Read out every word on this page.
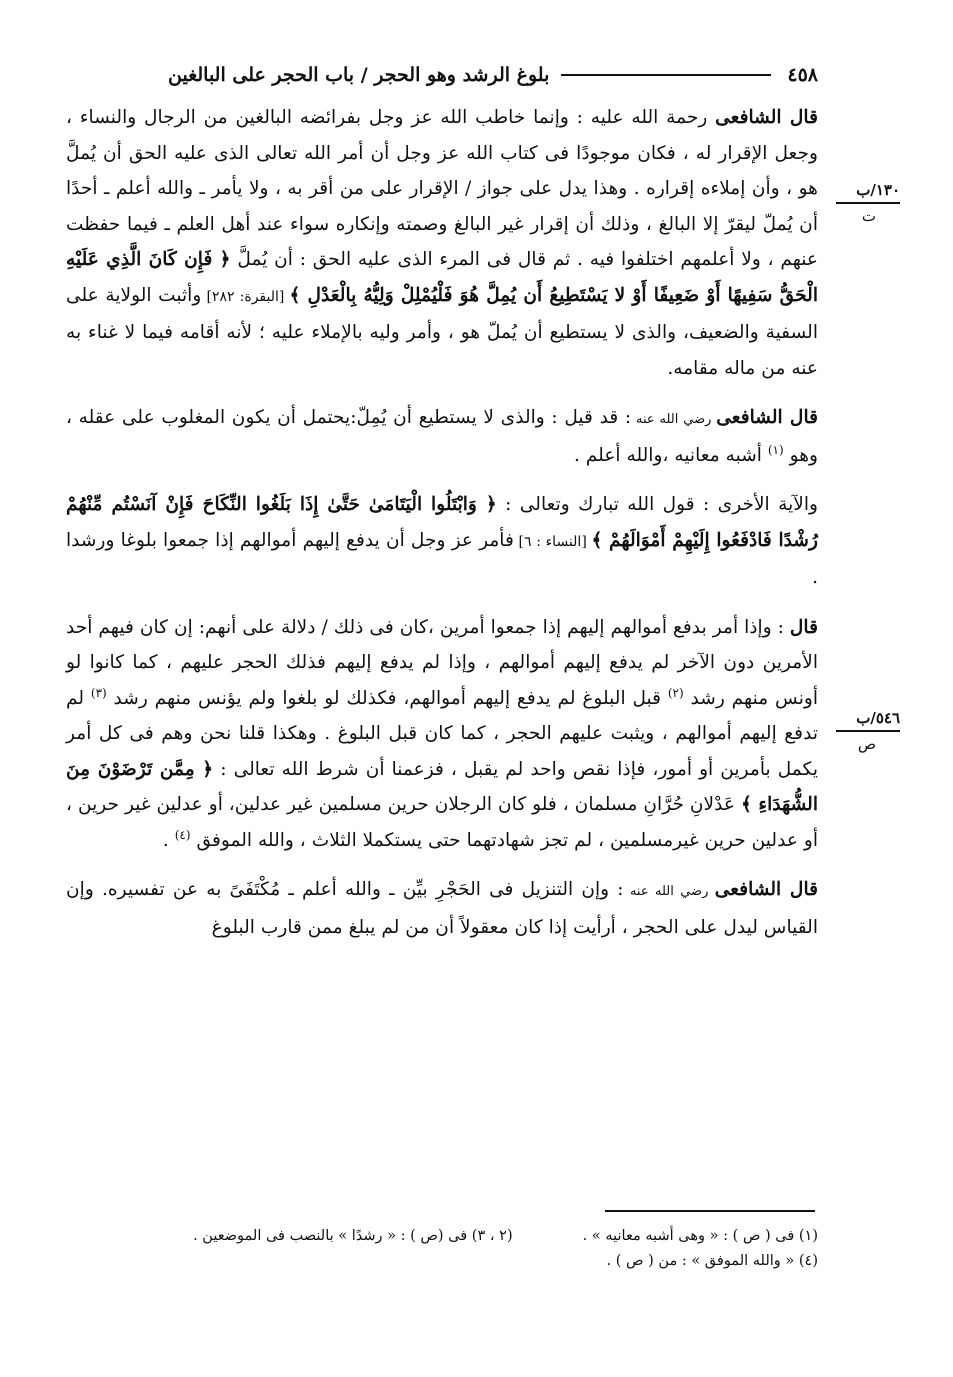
٤٥٨
بلوغ الرشد وهو الحجر / باب الحجر على البالغين
١٣٠/ب
ت
٥٤٦/ب
ص

قال الشافعى رحمة الله عليه : وإنما خاطب الله عز وجل بفرائضه البالغين من الرجال والنساء ، وجعل الإقرار له ، فكان موجودًا فى كتاب الله عز وجل أن أمر الله تعالى الذى عليه الحق أن يُملَّ هو ، وأن إملاءه إقراره . وهذا يدل على جواز / الإقرار على من أقر به ، ولا يأمر ـ والله أعلم ـ أحدًا أن يُملّ ليقرّ إلا البالغ ، وذلك أن إقرار غير البالغ وصمته وإنكاره سواء عند أهل العلم ـ فيما حفظت عنهم ، ولا أعلمهم اختلفوا فيه . ثم قال فى المرء الذى عليه الحق : أن يُملَّ ﴿ فَإِن كَانَ الَّذِي عَلَيْهِ الْحَقُّ سَفِيهًا أَوْ ضَعِيفًا أَوْ لا يَسْتَطِيعُ أَن يُمِلَّ هُوَ فَلْيُمْلِلْ وَلِيُّهُ بِالْعَدْلِ ﴾ [البقرة: ٢٨٢] وأثبت الولاية على السفية والضعيف، والذى لا يستطيع أن يُملّ هو ، وأمر وليه بالإملاء عليه ؛ لأنه أقامه فيما لا غناء به عنه من ماله مقامه.

قال الشافعى رضي الله عنه : قد قيل : والذى لا يستطيع أن يُمِلّ:يحتمل أن يكون المغلوب على عقله ، وهو $^{(١)}$ أشبه معانيه ،والله أعلم .

والآية الأخرى : قول الله تبارك وتعالى : ﴿ وَابْتَلُوا الْيَتَامَىٰ حَتَّىٰ إِذَا بَلَغُوا النِّكَاحَ فَإِنْ آنَسْتُم مِّنْهُمْ رُشْدًا فَادْفَعُوا إِلَيْهِمْ أَمْوَالَهُمْ ﴾ [النساء : ٦] فأمر عز وجل أن يدفع إليهم أموالهم إذا جمعوا بلوغا ورشدا .

قال : وإذا أمر بدفع أموالهم إليهم إذا جمعوا أمرين ،كان فى ذلك / دلالة على أنهم: إن كان فيهم أحد الأمرين دون الآخر لم يدفع إليهم أموالهم ، وإذا لم يدفع إليهم فذلك الحجر عليهم ، كما كانوا لو أونس منهم رشد $^{(٢)}$ قبل البلوغ لم يدفع إليهم أموالهم، فكذلك لو بلغوا ولم يؤنس منهم رشد $^{(٣)}$ لم تدفع إليهم أموالهم ، ويثبت عليهم الحجر ، كما كان قبل البلوغ . وهكذا قلنا نحن وهم فى كل أمر يكمل بأمرين أو أمور، فإذا نقص واحد لم يقبل ، فزعمنا أن شرط الله تعالى : ﴿ مِمَّن تَرْضَوْنَ مِنَ الشُّهَدَاءِ ﴾ عَدْلانِ حُرَّانِ مسلمان ، فلو كان الرجلان حرين مسلمين غير عدلين، أو عدلين غير حرين ، أو عدلين حرين غيرمسلمين ، لم تجز شهادتهما حتى يستكملا الثلاث ، والله الموفق $^{(٤)}$ .

قال الشافعى رضي الله عنه : وإن التنزيل فى الحَجْرِ بيِّن ـ والله أعلم ـ مُكْتَفَىً به عن تفسيره. وإن القياس ليدل على الحجر ، أرأيت إذا كان معقولاً أن من لم يبلغ ممن قارب البلوغ

(١) فى ( ص ) : « وهى أشبه معانيه » .
(٢ ، ٣) فى (ص ) : « رشدًا » بالنصب فى الموضعين .
(٤) « والله الموفق » : من ( ص ) .
